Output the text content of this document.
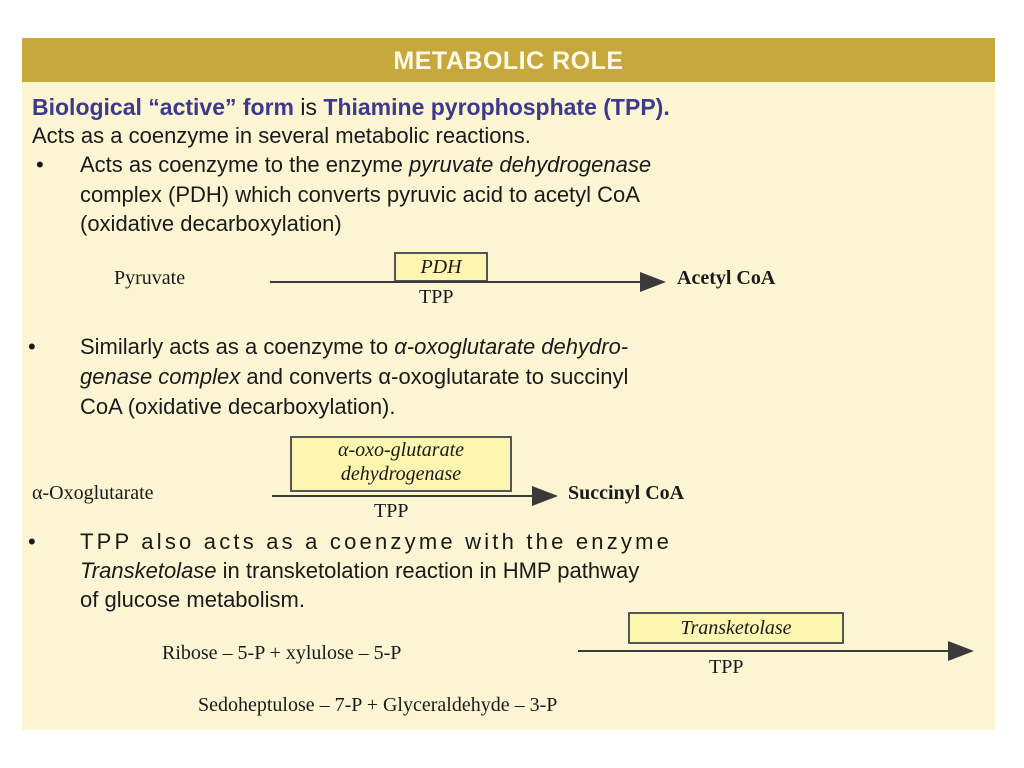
METABOLIC ROLE
Biological “active” form is Thiamine pyrophosphate (TPP).
Acts as a coenzyme in several metabolic reactions.
• Acts as coenzyme to the enzyme pyruvate dehydrogenase
complex (PDH) which converts pyruvic acid to acetyl CoA
(oxidative decarboxylation)
Pyruvate	PDH
TPP
Acetyl CoA
• Similarly acts as a coenzyme to α-oxoglutarate dehydro-
genase complex and converts α-oxoglutarate to succinyl
CoA (oxidative decarboxylation).
α-oxo-glutarate
dehydrogenase
α-Oxoglutarate
TPP
Succinyl CoA
• TPP also acts as a coenzyme with the enzyme
Transketolase in transketolation reaction in HMP pathway
of glucose metabolism.
Transketolase
Ribose – 5-P + xylulose – 5-P
TPP
Sedoheptulose – 7-P + Glyceraldehyde – 3-P
